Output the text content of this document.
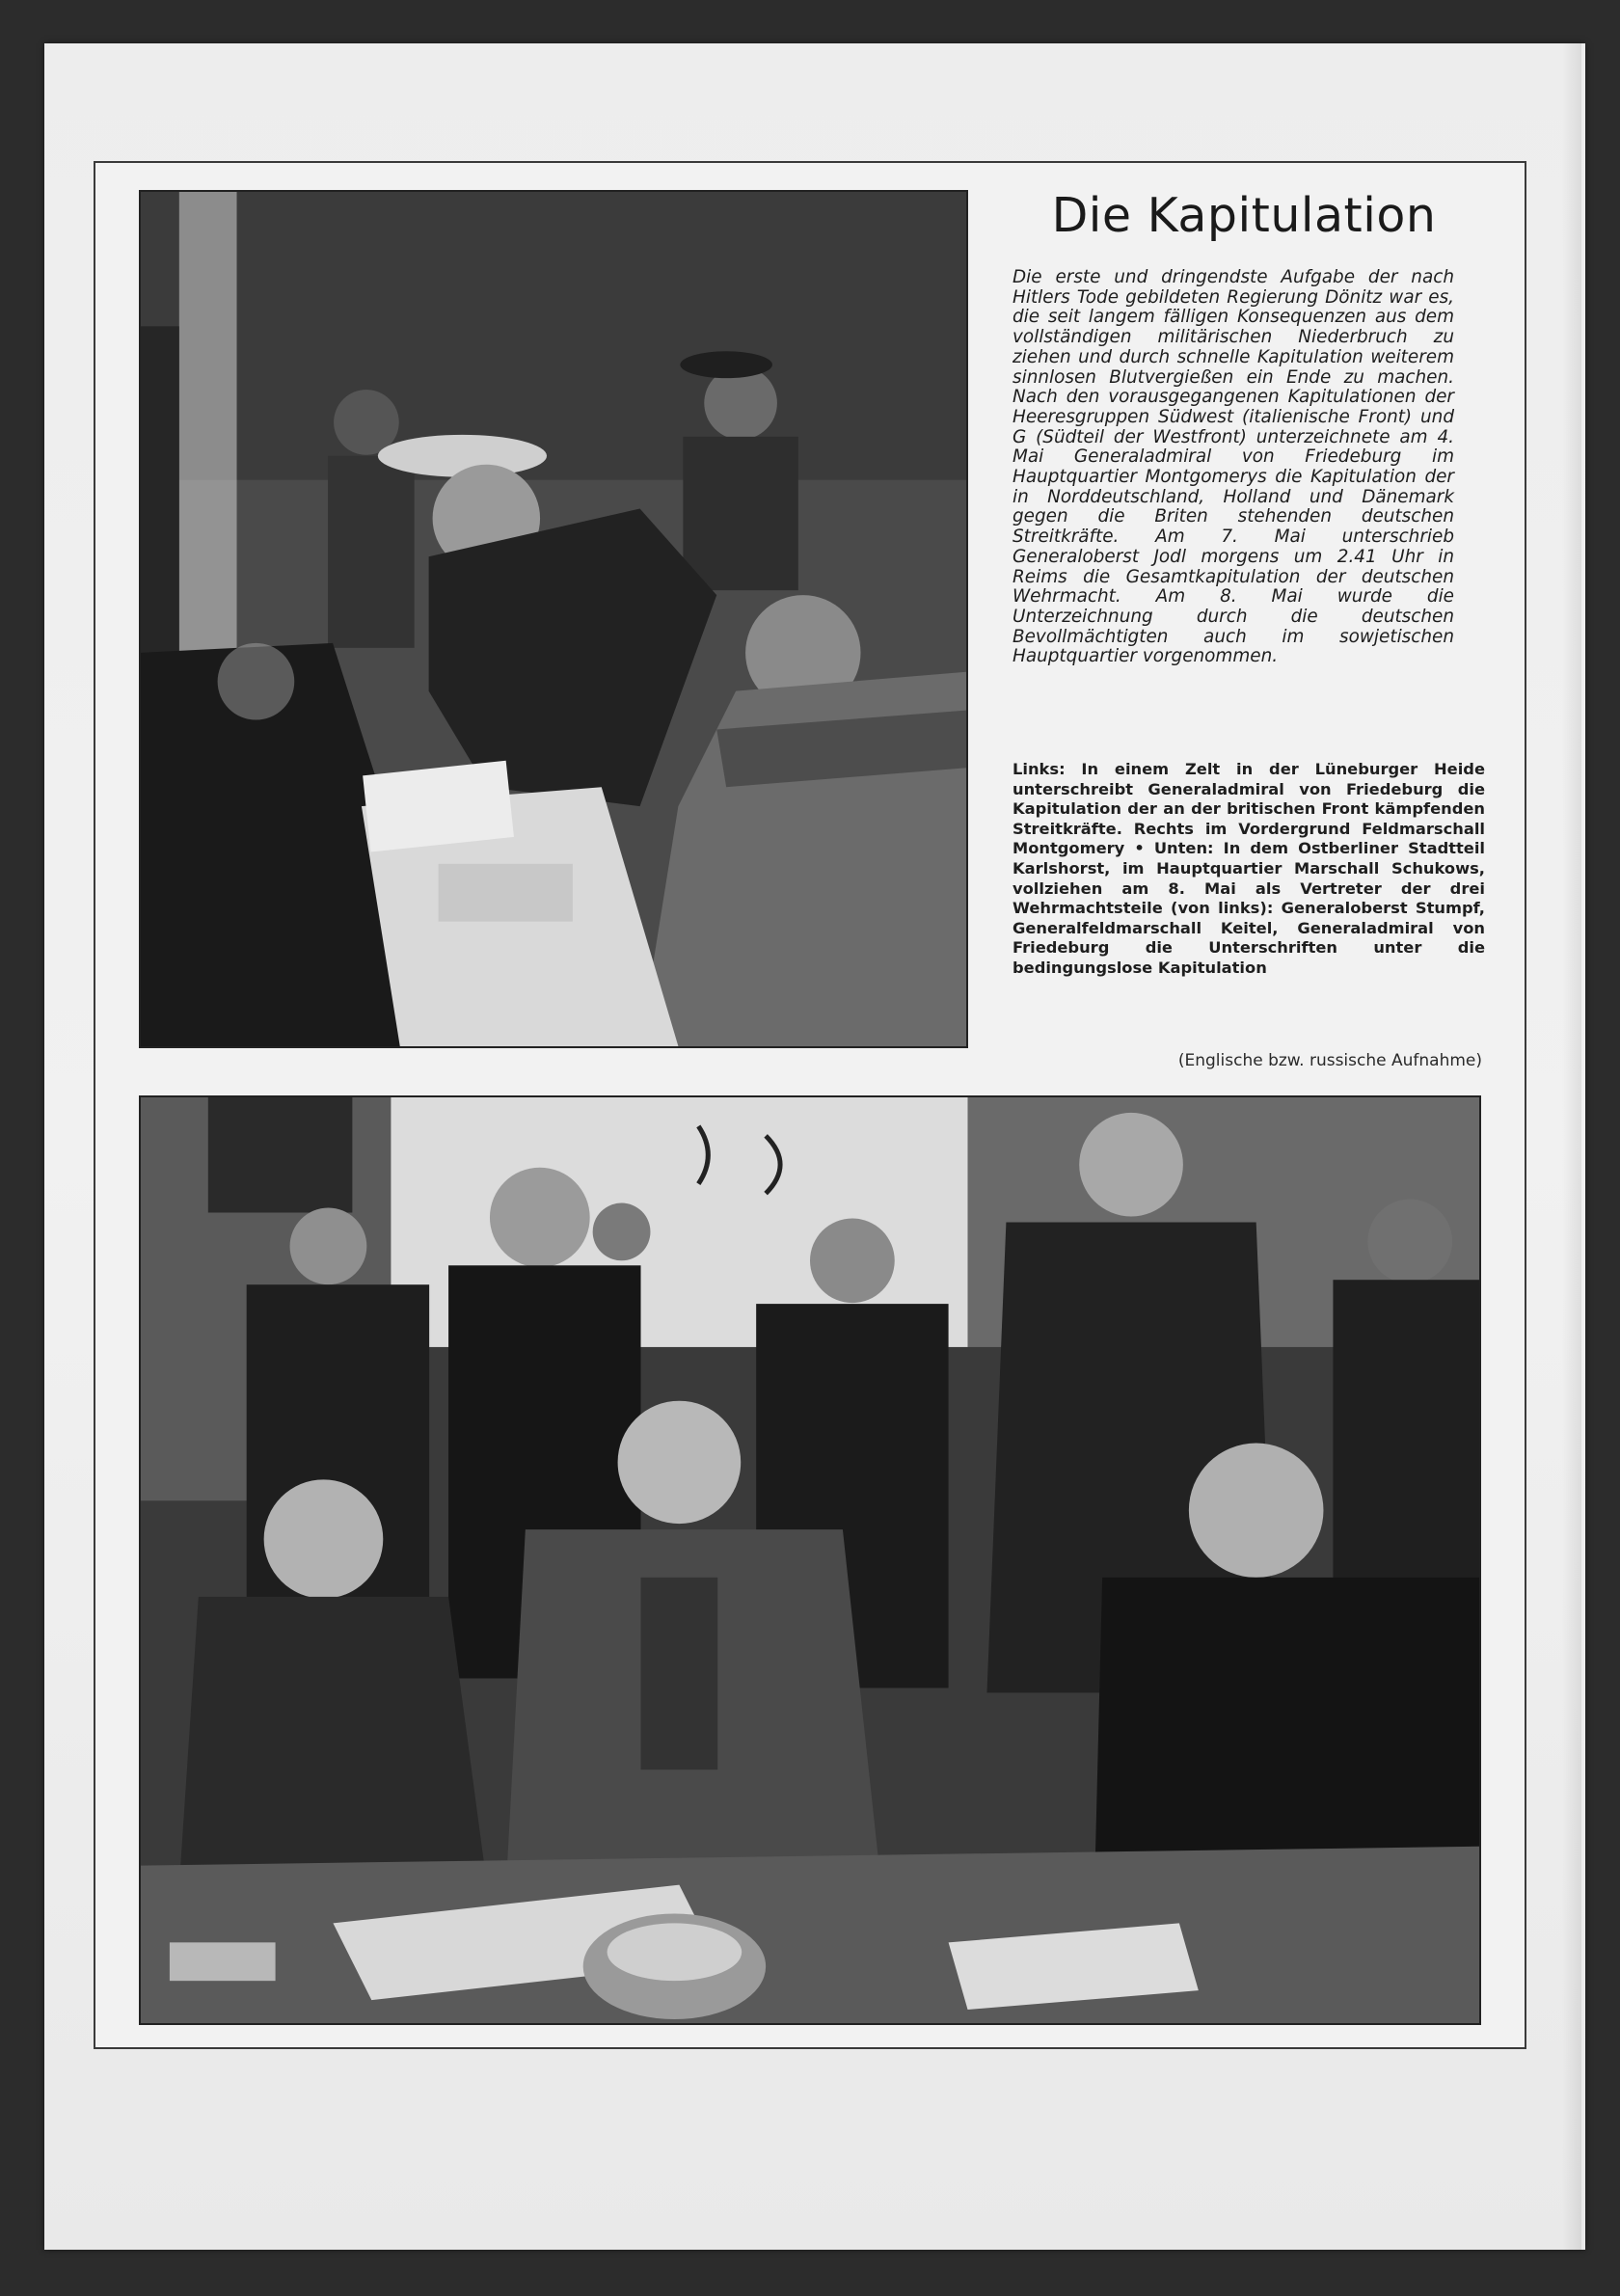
Die Kapitulation

Die erste und dringendste Aufgabe der nach Hitlers Tode gebildeten Regierung Dönitz war es, die seit langem fälligen Konsequenzen aus dem vollständigen militärischen Niederbruch zu ziehen und durch schnelle Kapitulation weiterem sinnlosen Blutvergießen ein Ende zu machen. Nach den vorausgegangenen Kapitulationen der Heeresgruppen Südwest (italienische Front) und G (Südteil der Westfront) unterzeichnete am 4. Mai Generaladmiral von Friedeburg im Hauptquartier Montgomerys die Kapitulation der in Norddeutschland, Holland und Dänemark gegen die Briten stehenden deutschen Streitkräfte. Am 7. Mai unterschrieb Generaloberst Jodl morgens um 2.41 Uhr in Reims die Gesamtkapitulation der deutschen Wehrmacht. Am 8. Mai wurde die Unterzeichnung durch die deutschen Bevollmächtigten auch im sowjetischen Hauptquartier vorgenommen.

Links: In einem Zelt in der Lüneburger Heide unterschreibt Generaladmiral von Friedeburg die Kapitulation der an der britischen Front kämpfenden Streitkräfte. Rechts im Vordergrund Feldmarschall Montgomery • Unten: In dem Ostberliner Stadtteil Karlshorst, im Hauptquartier Marschall Schukows, vollziehen am 8. Mai als Vertreter der drei Wehrmachtsteile (von links): Generaloberst Stumpf, Generalfeldmarschall Keitel, Generaladmiral von Friedeburg die Unterschriften unter die bedingungslose Kapitulation

(Englische bzw. russische Aufnahme)
